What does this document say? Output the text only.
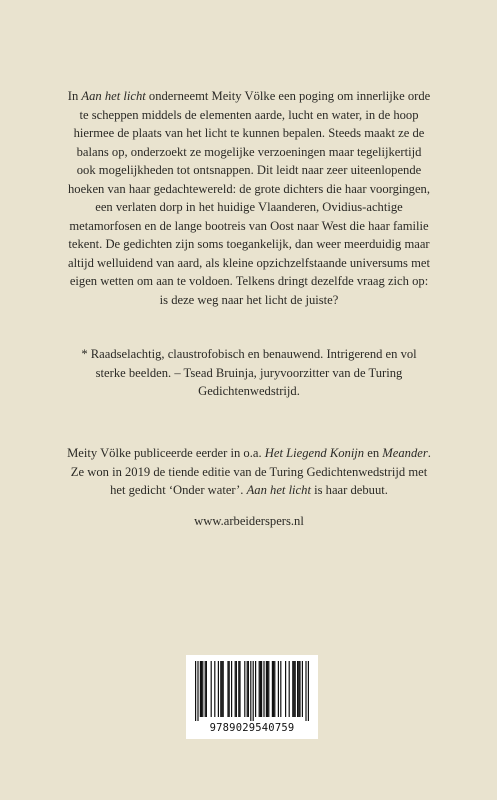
In Aan het licht onderneemt Meity Völke een poging om innerlijke orde te scheppen middels de elementen aarde, lucht en water, in de hoop hiermee de plaats van het licht te kunnen bepalen. Steeds maakt ze de balans op, onderzoekt ze mogelijke verzoeningen maar tegelijkertijd ook mogelijkheden tot ontsnappen. Dit leidt naar zeer uiteenlopende hoeken van haar gedachtewereld: de grote dichters die haar voorgingen, een verlaten dorp in het huidige Vlaanderen, Ovidius-achtige metamorfosen en de lange bootreis van Oost naar West die haar familie tekent. De gedichten zijn soms toegankelijk, dan weer meerduidig maar altijd welluidend van aard, als kleine opzichzelfstaande universums met eigen wetten om aan te voldoen. Telkens dringt dezelfde vraag zich op: is deze weg naar het licht de juiste?

* Raadselachtig, claustrofobisch en benauwend. Intrigerend en vol sterke beelden. – Tsead Bruinja, juryvoorzitter van de Turing Gedichtenwedstrijd.

Meity Völke publiceerde eerder in o.a. Het Liegend Konijn en Meander. Ze won in 2019 de tiende editie van de Turing Gedichtenwedstrijd met het gedicht ‘Onder water’. Aan het licht is haar debuut.

www.arbeiderspers.nl

9789029540759
